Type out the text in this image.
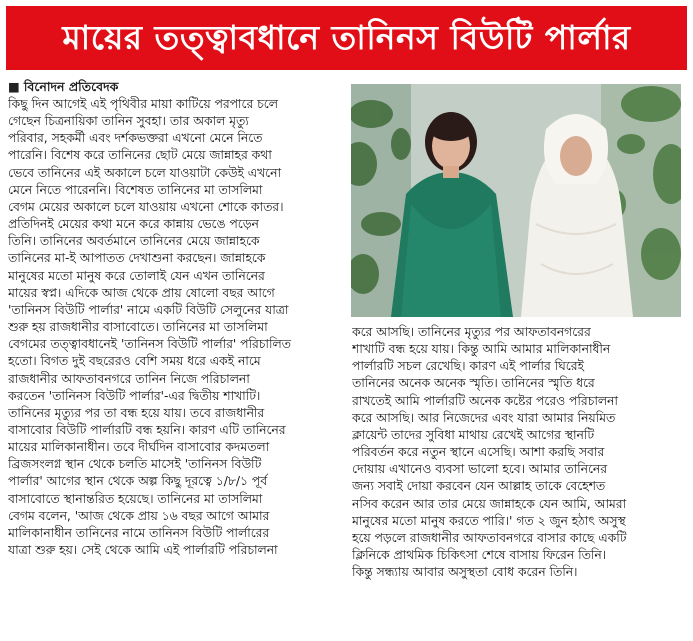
মায়ের তত্ত্বাবধানে তানিনস বিউটি পার্লার
■ বিনোদন প্রতিবেদক
কিছু দিন আগেই এই পৃথিবীর মায়া কাটিয়ে পরপারে চলে
গেছেন চিত্রনায়িকা তানিন সুবহা। তার অকাল মৃত্যু
পরিবার, সহকর্মী এবং দর্শকভক্তরা এখনো মেনে নিতে
পারেনি। বিশেষ করে তানিনের ছোট মেয়ে জান্নাহর কথা
ভেবে তানিনের এই অকালে চলে যাওয়াটা কেউই এখনো
মেনে নিতে পারেননি। বিশেষত তানিনের মা তাসলিমা
বেগম মেয়ের অকালে চলে যাওয়ায় এখনো শোকে কাতর।
প্রতিদিনই মেয়ের কথা মনে করে কান্নায় ভেঙে পড়েন
তিনি। তানিনের অবর্তমানে তানিনের মেয়ে জান্নাহকে
তানিনের মা-ই আপাতত দেখাশুনা করছেন। জান্নাহকে
মানুষের মতো মানুষ করে তোলাই যেন এখন তানিনের
মায়ের স্বপ্ন। এদিকে আজ থেকে প্রায় ষোলো বছর আগে
'তানিনস বিউটি পার্লার' নামে একটি বিউটি সেলুনের যাত্রা
শুরু হয় রাজধানীর বাসাবোতে। তানিনের মা তাসলিমা
বেগমের তত্ত্বাবধানেই 'তানিনস বিউটি পার্লার' পরিচালিত
হতো। বিগত দুই বছরেরও বেশি সময় ধরে একই নামে
রাজধানীর আফতাবনগরে তানিন নিজে পরিচালনা
করতেন 'তানিনস বিউটি পার্লার'-এর দ্বিতীয় শাখাটি।
তানিনের মৃত্যুর পর তা বন্ধ হয়ে যায়। তবে রাজধানীর
বাসাবোর বিউটি পার্লারটি বন্ধ হয়নি। কারণ এটি তানিনের
মায়ের মালিকানাধীন। তবে দীর্ঘদিন বাসাবোর কদমতলা
ব্রিজসংলগ্ন স্থান থেকে চলতি মাসেই 'তানিনস বিউটি
পার্লার' আগের স্থান থেকে অল্প কিছু দূরত্বে ১/৮/১ পূর্ব
বাসাবোতে স্থানান্তরিত হয়েছে। তানিনের মা তাসলিমা
বেগম বলেন, 'আজ থেকে প্রায় ১৬ বছর আগে আমার
মালিকানাধীন তানিনের নামে তানিনস বিউটি পার্লারের
যাত্রা শুরু হয়। সেই থেকে আমি এই পার্লারটি পরিচালনা
করে আসছি। তানিনের মৃত্যুর পর আফতাবনগরের
শাখাটি বন্ধ হয়ে যায়। কিন্তু আমি আমার মালিকানাধীন
পার্লারটি সচল রেখেছি। কারণ এই পার্লার ঘিরেই
তানিনের অনেক অনেক স্মৃতি। তানিনের স্মৃতি ধরে
রাখতেই আমি পার্লারটি অনেক কষ্টের পরেও পরিচালনা
করে আসছি। আর নিজেদের এবং যারা আমার নিয়মিত
ক্লায়েন্ট তাদের সুবিধা মাথায় রেখেই আগের স্থানটি
পরিবর্তন করে নতুন স্থানে এসেছি। আশা করছি সবার
দোয়ায় এখানেও ব্যবসা ভালো হবে। আমার তানিনের
জন্য সবাই দোয়া করবেন যেন আল্লাহ তাকে বেহেশত
নসিব করেন আর তার মেয়ে জান্নাহকে যেন আমি, আমরা
মানুষের মতো মানুষ করতে পারি।' গত ২ জুন হঠাৎ অসুস্থ
হয়ে পড়লে রাজধানীর আফতাবনগরে বাসার কাছে একটি
ক্লিনিকে প্রাথমিক চিকিৎসা শেষে বাসায় ফিরেন তিনি।
কিন্তু সন্ধ্যায় আবার অসুস্থতা বোধ করেন তিনি।
